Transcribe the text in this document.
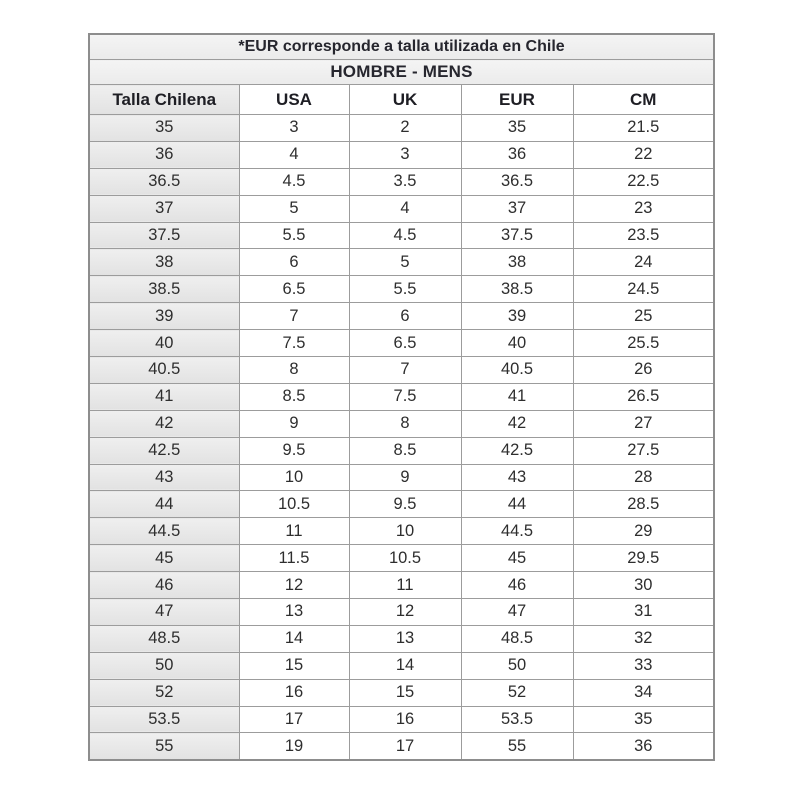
*EUR corresponde a talla utilizada en Chile				
HOMBRE - MENS				
Talla Chilena	USA	UK	EUR	CM
35	3	2	35	21.5
36	4	3	36	22
36.5	4.5	3.5	36.5	22.5
37	5	4	37	23
37.5	5.5	4.5	37.5	23.5
38	6	5	38	24
38.5	6.5	5.5	38.5	24.5
39	7	6	39	25
40	7.5	6.5	40	25.5
40.5	8	7	40.5	26
41	8.5	7.5	41	26.5
42	9	8	42	27
42.5	9.5	8.5	42.5	27.5
43	10	9	43	28
44	10.5	9.5	44	28.5
44.5	11	10	44.5	29
45	11.5	10.5	45	29.5
46	12	11	46	30
47	13	12	47	31
48.5	14	13	48.5	32
50	15	14	50	33
52	16	15	52	34
53.5	17	16	53.5	35
55	19	17	55	36
